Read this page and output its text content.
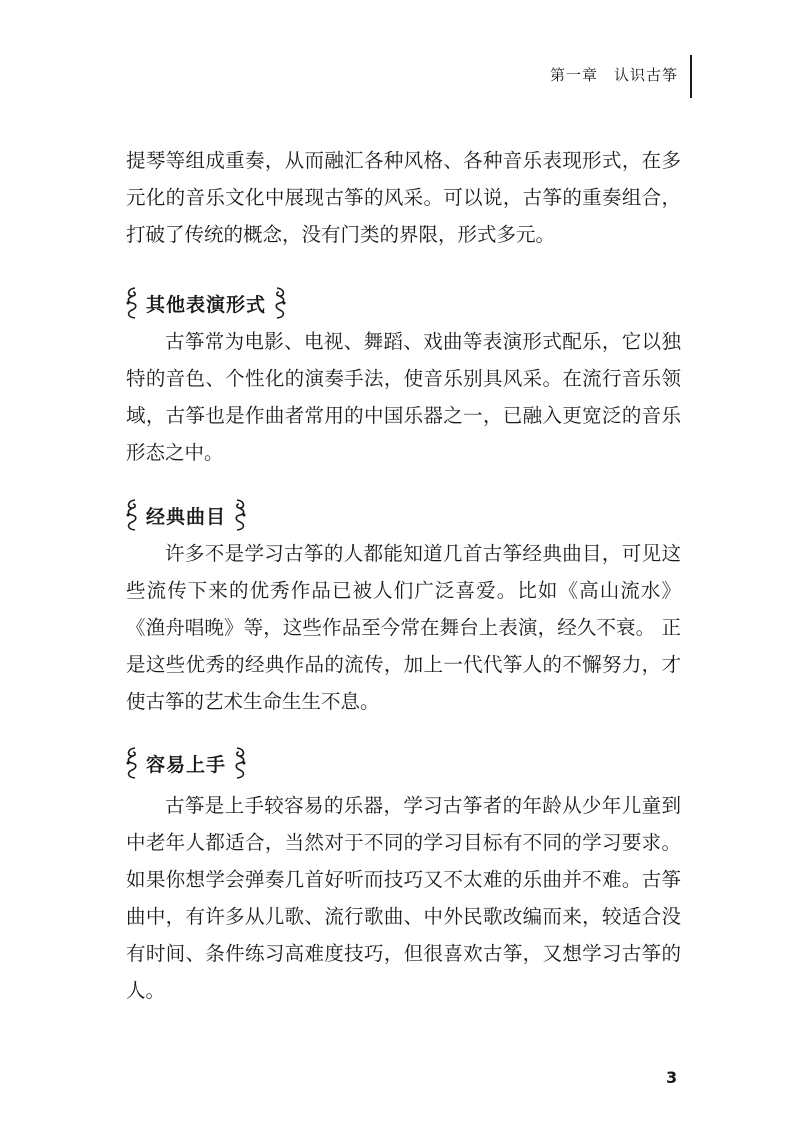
第一章　认识古筝

提琴等组成重奏，从而融汇各种风格、各种音乐表现形式，在多元化的音乐文化中展现古筝的风采。可以说，古筝的重奏组合，打破了传统的概念，没有门类的界限，形式多元。

其他表演形式

古筝常为电影、电视、舞蹈、戏曲等表演形式配乐，它以独特的音色、个性化的演奏手法，使音乐别具风采。在流行音乐领域，古筝也是作曲者常用的中国乐器之一，已融入更宽泛的音乐形态之中。

经典曲目

许多不是学习古筝的人都能知道几首古筝经典曲目，可见这些流传下来的优秀作品已被人们广泛喜爱。比如《高山流水》《渔舟唱晚》等，这些作品至今常在舞台上表演，经久不衰。 正是这些优秀的经典作品的流传，加上一代代筝人的不懈努力，才使古筝的艺术生命生生不息。

容易上手

古筝是上手较容易的乐器，学习古筝者的年龄从少年儿童到中老年人都适合，当然对于不同的学习目标有不同的学习要求。如果你想学会弹奏几首好听而技巧又不太难的乐曲并不难。古筝曲中，有许多从儿歌、流行歌曲、中外民歌改编而来，较适合没有时间、条件练习高难度技巧，但很喜欢古筝，又想学习古筝的人。

3
